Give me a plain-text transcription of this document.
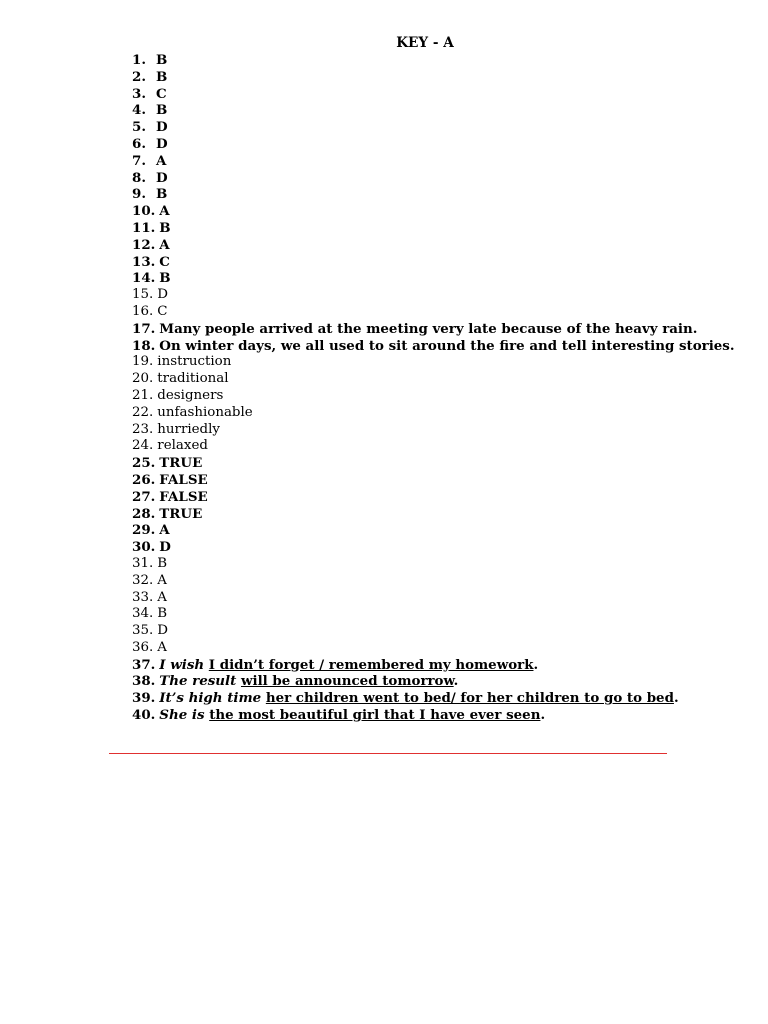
KEY - A
1. B
2. B
3. C
4. B
5. D
6. D
7. A
8. D
9. B
10. A
11. B
12. A
13. C
14. B
15. D
16. C
17. Many people arrived at the meeting very late because of the heavy rain.
18. On winter days, we all used to sit around the fire and tell interesting stories.
19. instruction
20. traditional
21. designers
22. unfashionable
23. hurriedly
24. relaxed
25. TRUE
26. FALSE
27. FALSE
28. TRUE
29. A
30. D
31. B
32. A
33. A
34. B
35. D
36. A
37. I wish I didn’t forget / remembered my homework.
38. The result will be announced tomorrow.
39. It’s high time her children went to bed/ for her children to go to bed.
40. She is the most beautiful girl that I have ever seen.
